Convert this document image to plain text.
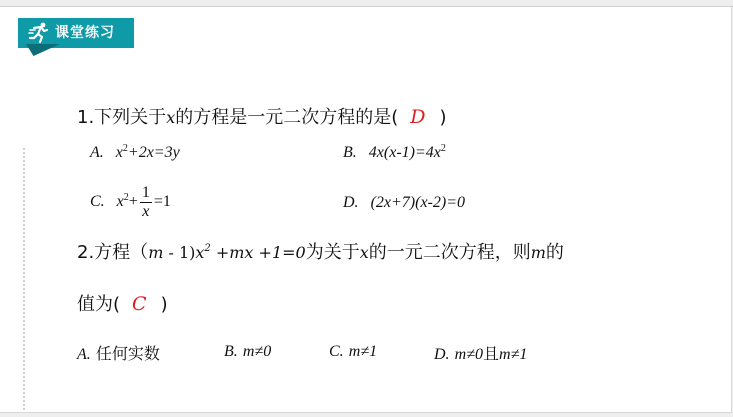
课堂练习
1.下列关于x的方程是一元二次方程的是( D )
A. $x^2+2x=3y$	B. $4x(x-1)=4x^2$
C. $x^2+ \frac{1}{x} =1$	D. (2x+7)(x-2)=0
2.方程$(m - 1)x^2 +mx +1=0$为关于x的一元二次方程，则m的
值为( C )
A. 任何实数	B. m≠0	C. m≠1	D. m≠0且m≠1
